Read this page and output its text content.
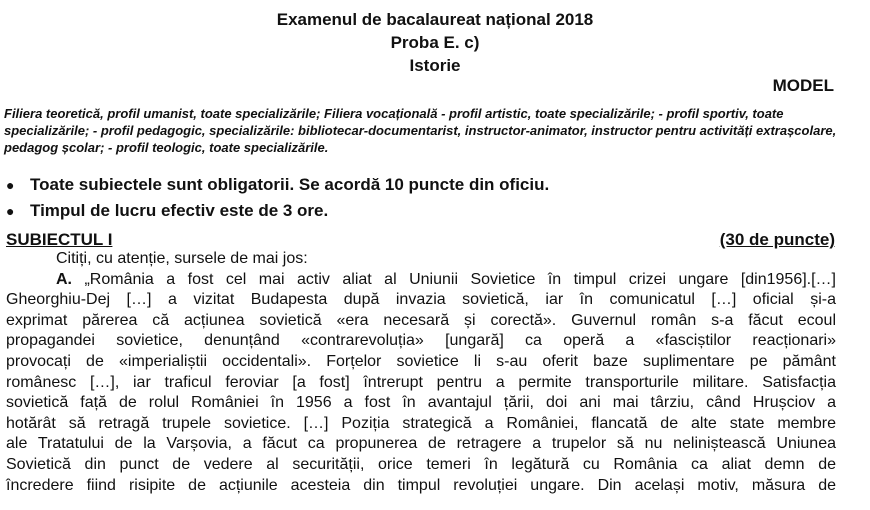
Examenul de bacalaureat național 2018
Proba E. c)
Istorie
MODEL
Filiera teoretică, profil umanist, toate specializările; Filiera vocațională - profil artistic, toate specializările; - profil sportiv, toate specializările; - profil pedagogic, specializările: bibliotecar-documentarist, instructor-animator, instructor pentru activități extrașcolare, pedagog școlar; - profil teologic, toate specializările.
● Toate subiectele sunt obligatorii. Se acordă 10 puncte din oficiu.
● Timpul de lucru efectiv este de 3 ore.
SUBIECTUL I	(30 de puncte)
Citiți, cu atenție, sursele de mai jos:
A. „România a fost cel mai activ aliat al Uniunii Sovietice în timpul crizei ungare [din1956].[…]
Gheorghiu-Dej […] a vizitat Budapesta după invazia sovietică, iar în comunicatul […] oficial și-a
exprimat părerea că acțiunea sovietică «era necesară și corectă». Guvernul român s-a făcut ecoul
propagandei sovietice, denunțând «contrarevoluția» [ungară] ca operă a «fasciștilor reacționari»
provocați de «imperialiștii occidentali». Forțelor sovietice li s-au oferit baze suplimentare pe pământ
românesc […], iar traficul feroviar [a fost] întrerupt pentru a permite transporturile militare. Satisfacția
sovietică față de rolul României în 1956 a fost în avantajul țării, doi ani mai târziu, când Hrușciov a
hotărât să retragă trupele sovietice. […] Poziția strategică a României, flancată de alte state membre
ale Tratatului de la Varșovia, a făcut ca propunerea de retragere a trupelor să nu neliniștească Uniunea
Sovietică din punct de vedere al securității, orice temeri în legătură cu România ca aliat demn de
încredere fiind risipite de acțiunile acesteia din timpul revoluției ungare. Din același motiv, măsura de
